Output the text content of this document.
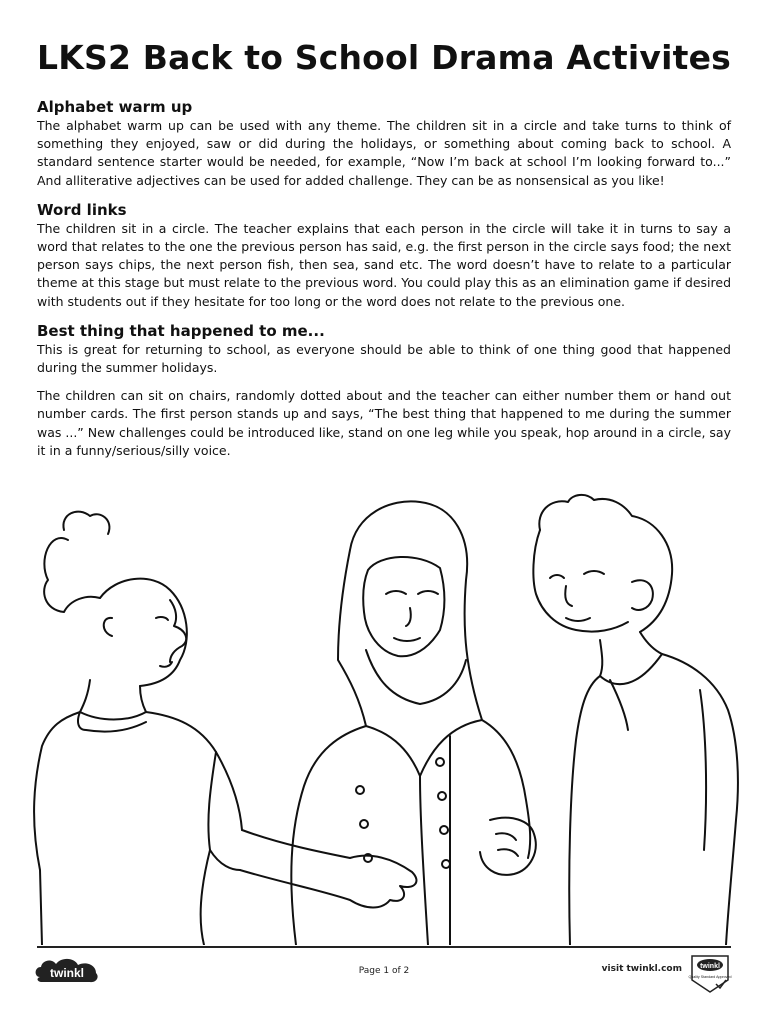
LKS2 Back to School Drama Activites
Alphabet warm up

The alphabet warm up can be used with any theme. The children sit in a circle and take turns to think of something they enjoyed, saw or did during the holidays, or something about coming back to school. A standard sentence starter would be needed, for example, “Now I’m back at school I’m looking forward to...” And alliterative adjectives can be used for added challenge. They can be as nonsensical as you like!

Word links

The children sit in a circle. The teacher explains that each person in the circle will take it in turns to say a word that relates to the one the previous person has said, e.g. the first person in the circle says food; the next person says chips, the next person fish, then sea, sand etc. The word doesn’t have to relate to a particular theme at this stage but must relate to the previous word. You could play this as an elimination game if desired with students out if they hesitate for too long or the word does not relate to the previous one.

Best thing that happened to me...

This is great for returning to school, as everyone should be able to think of one thing good that happened during the summer holidays.

The children can sit on chairs, randomly dotted about and the teacher can either number them or hand out number cards. The first person stands up and says, “The best thing that happened to me during the summer was ...” New challenges could be introduced like, stand on one leg while you speak, hop around in a circle, say it in a funny/serious/silly voice.

twinkl	Page 1 of 2	visit twinkl.com	twinkl
Quality Standard Approved
